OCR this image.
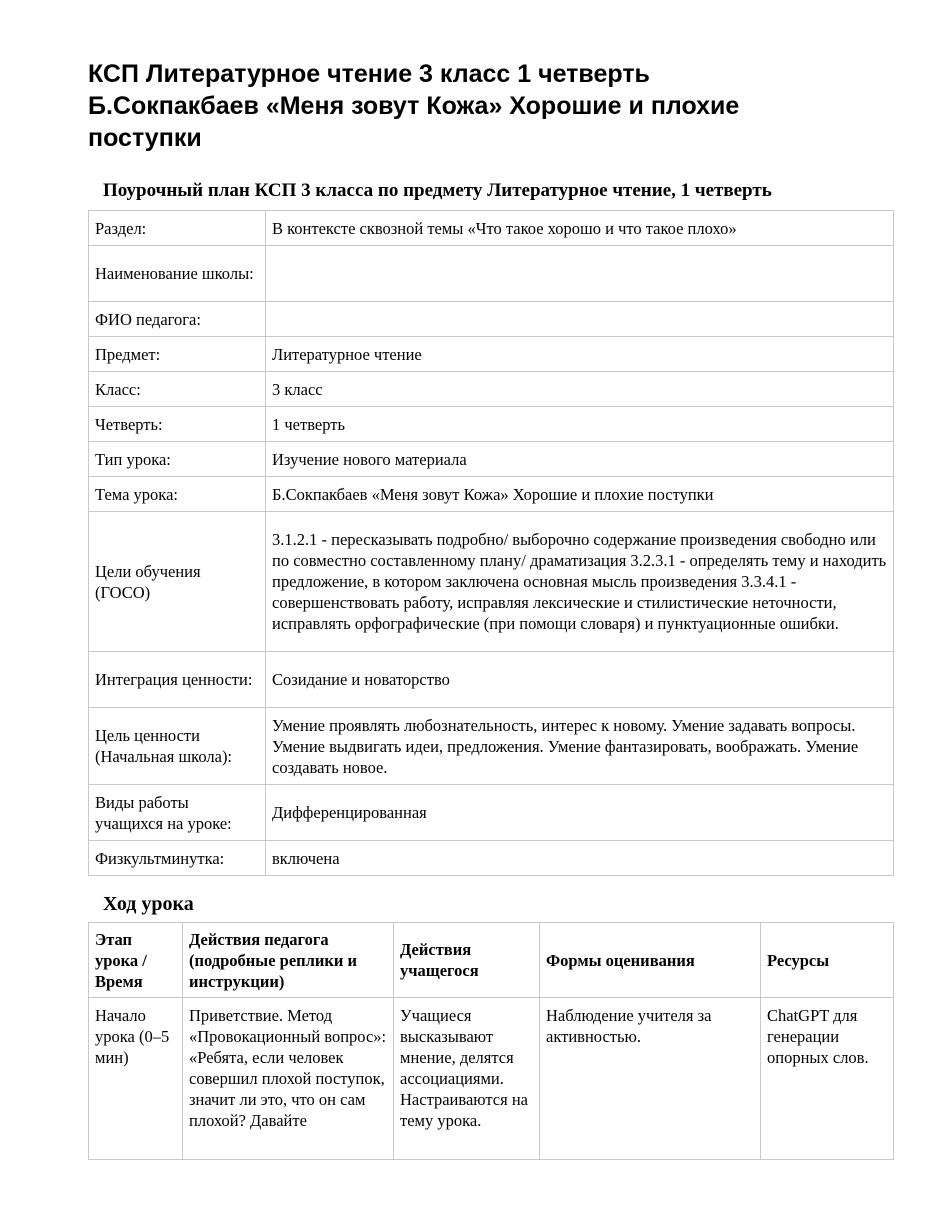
КСП Литературное чтение 3 класс 1 четверть
Б.Сокпакбаев «Меня зовут Кожа» Хорошие и плохие
поступки
Поурочный план КСП 3 класса по предмету Литературное чтение, 1 четверть
Раздел:	В контексте сквозной темы «Что такое хорошо и что такое плохо»
Наименование школы:	
ФИО педагога:	
Предмет:	Литературное чтение
Класс:	3 класс
Четверть:	1 четверть
Тип урока:	Изучение нового материала
Тема урока:	Б.Сокпакбаев «Меня зовут Кожа» Хорошие и плохие поступки
Цели обучения (ГОСО)	3.1.2.1 - пересказывать подробно/ выборочно содержание произведения свободно или по совместно составленному плану/ драматизация 3.2.3.1 - определять тему и находить предложение, в котором заключена основная мысль произведения 3.3.4.1 - совершенствовать работу, исправляя лексические и стилистические неточности, исправлять орфографические (при помощи словаря) и пунктуационные ошибки.
Интеграция ценности:	Созидание и новаторство
Цель ценности (Начальная школа):	Умение проявлять любознательность, интерес к новому. Умение задавать вопросы. Умение выдвигать идеи, предложения. Умение фантазировать, воображать. Умение создавать новое.
Виды работы учащихся на уроке:	Дифференцированная
Физкультминутка:	включена
Ход урока
Этап урока / Время	Действия педагога (подробные реплики и инструкции)	Действия учащегося	Формы оценивания	Ресурсы
Начало урока (0–5 мин)	Приветствие. Метод «Провокационный вопрос»: «Ребята, если человек совершил плохой поступок, значит ли это, что он сам плохой? Давайте	Учащиеся высказывают мнение, делятся ассоциациями. Настраиваются на тему урока.	Наблюдение учителя за активностью.	ChatGPT для генерации опорных слов.
